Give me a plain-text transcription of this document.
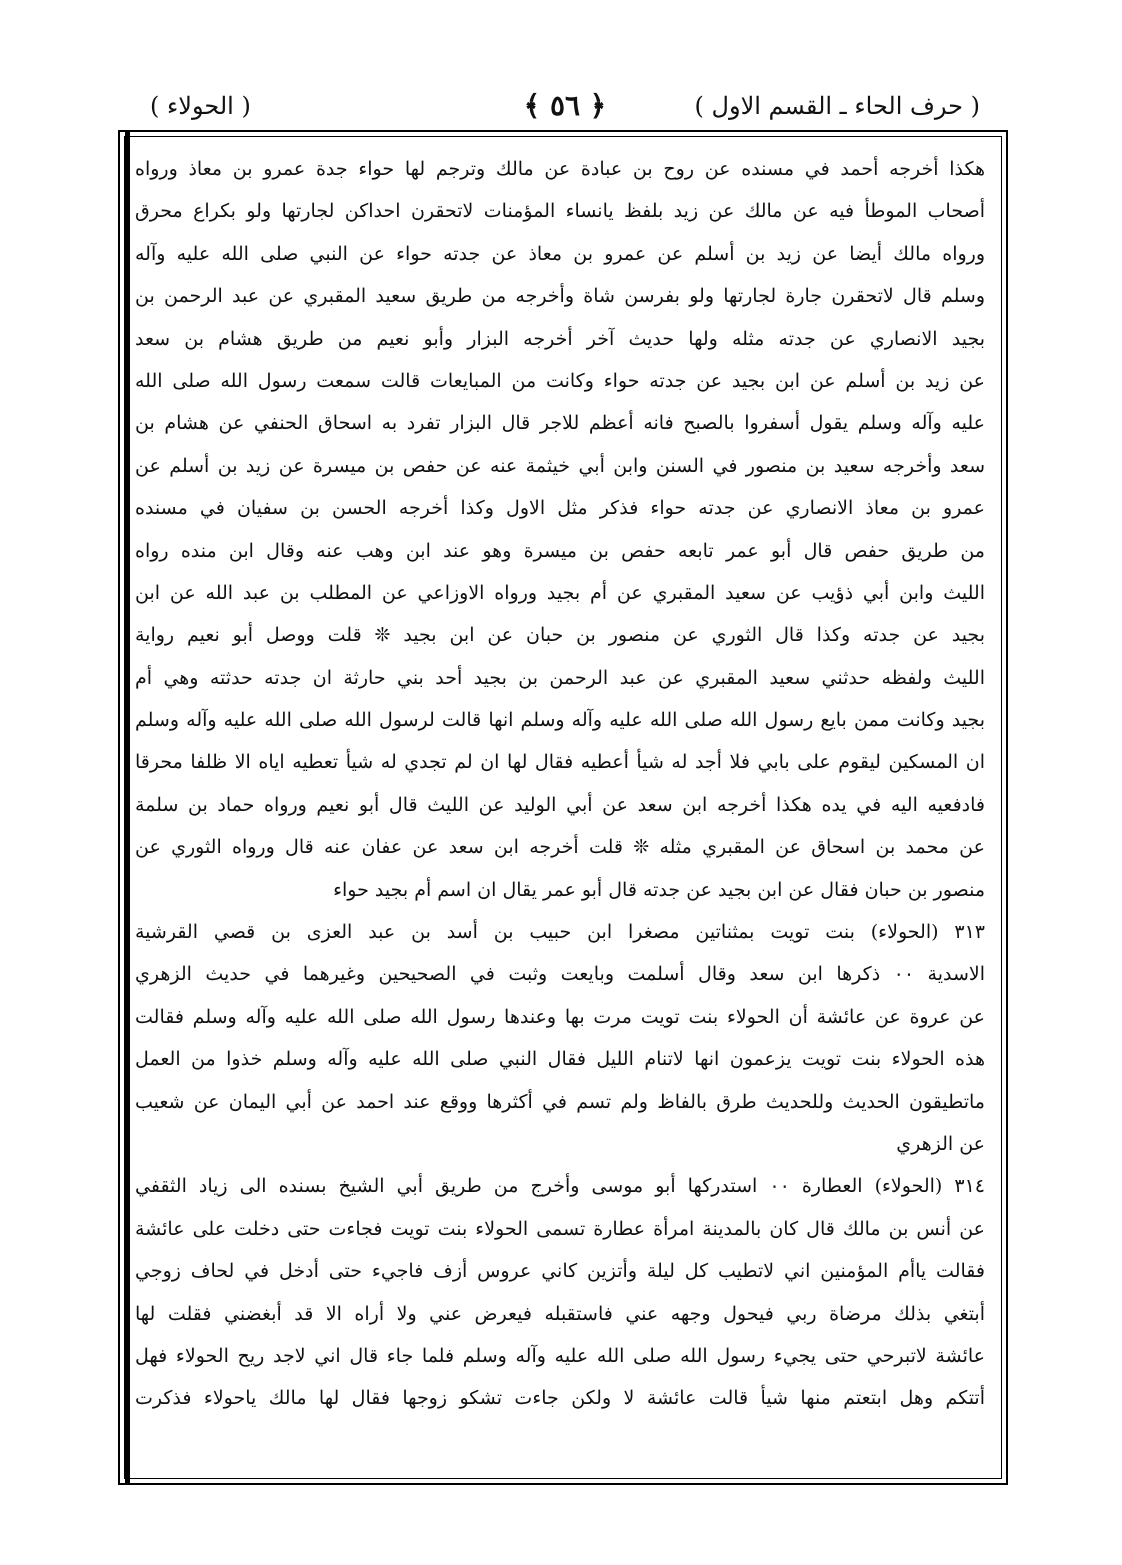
( حرف الحاء ـ القسم الاول )
﴿ ٥٦ ﴾
( الحولاء )
هكذا أخرجه أحمد في مسنده عن روح بن عبادة عن مالك وترجم لها حواء جدة عمرو بن معاذ ورواه
أصحاب الموطأ فيه عن مالك عن زيد بلفظ يانساء المؤمنات لاتحقرن احداكن لجارتها ولو بكراع محرق
ورواه مالك أيضا عن زيد بن أسلم عن عمرو بن معاذ عن جدته حواء عن النبي صلى الله عليه وآله
وسلم قال لاتحقرن جارة لجارتها ولو بفرسن شاة وأخرجه من طريق سعيد المقبري عن عبد الرحمن بن
بجيد الانصاري عن جدته مثله ولها حديث آخر أخرجه البزار وأبو نعيم من طريق هشام بن سعد
عن زيد بن أسلم عن ابن بجيد عن جدته حواء وكانت من المبايعات قالت سمعت رسول الله صلى الله
عليه وآله وسلم يقول أسفروا بالصبح فانه أعظم للاجر قال البزار تفرد به اسحاق الحنفي عن هشام بن
سعد وأخرجه سعيد بن منصور في السنن وابن أبي خيثمة عنه عن حفص بن ميسرة عن زيد بن أسلم عن
عمرو بن معاذ الانصاري عن جدته حواء فذكر مثل الاول وكذا أخرجه الحسن بن سفيان في مسنده
من طريق حفص قال أبو عمر تابعه حفص بن ميسرة وهو عند ابن وهب عنه وقال ابن منده رواه
الليث وابن أبي ذؤيب عن سعيد المقبري عن أم بجيد ورواه الاوزاعي عن المطلب بن عبد الله عن ابن
بجيد عن جدته وكذا قال الثوري عن منصور بن حبان عن ابن بجيد ❊ قلت ووصل أبو نعيم رواية
الليث ولفظه حدثني سعيد المقبري عن عبد الرحمن بن بجيد أحد بني حارثة ان جدته حدثته وهي أم
بجيد وكانت ممن بايع رسول الله صلى الله عليه وآله وسلم انها قالت لرسول الله صلى الله عليه وآله وسلم
ان المسكين ليقوم على بابي فلا أجد له شيأ أعطيه فقال لها ان لم تجدي له شيأ تعطيه اياه الا ظلفا محرقا
فادفعيه اليه في يده هكذا أخرجه ابن سعد عن أبي الوليد عن الليث قال أبو نعيم ورواه حماد بن سلمة
عن محمد بن اسحاق عن المقبري مثله ❊ قلت أخرجه ابن سعد عن عفان عنه قال ورواه الثوري عن
منصور بن حبان فقال عن ابن بجيد عن جدته قال أبو عمر يقال ان اسم أم بجيد حواء
٣١٣ (الحولاء) بنت تويت بمثناتين مصغرا ابن حبيب بن أسد بن عبد العزى بن قصي القرشية
الاسدية ٠٠ ذكرها ابن سعد وقال أسلمت وبايعت وثبت في الصحيحين وغيرهما في حديث الزهري
عن عروة عن عائشة أن الحولاء بنت تويت مرت بها وعندها رسول الله صلى الله عليه وآله وسلم فقالت
هذه الحولاء بنت تويت يزعمون انها لاتنام الليل فقال النبي صلى الله عليه وآله وسلم خذوا من العمل
ماتطيقون الحديث وللحديث طرق بالفاظ ولم تسم في أكثرها ووقع عند احمد عن أبي اليمان عن شعيب
عن الزهري
٣١٤ (الحولاء) العطارة ٠٠ استدركها أبو موسى وأخرج من طريق أبي الشيخ بسنده الى زياد الثقفي
عن أنس بن مالك قال كان بالمدينة امرأة عطارة تسمى الحولاء بنت تويت فجاءت حتى دخلت على عائشة
فقالت ياأم المؤمنين اني لاتطيب كل ليلة وأتزين كاني عروس أزف فاجيء حتى أدخل في لحاف زوجي
أبتغي بذلك مرضاة ربي فيحول وجهه عني فاستقبله فيعرض عني ولا أراه الا قد أبغضني فقلت لها
عائشة لاتبرحي حتى يجيء رسول الله صلى الله عليه وآله وسلم فلما جاء قال اني لاجد ريح الحولاء فهل
أتتكم وهل ابتعتم منها شيأ قالت عائشة لا ولكن جاءت تشكو زوجها فقال لها مالك ياحولاء فذكرت
